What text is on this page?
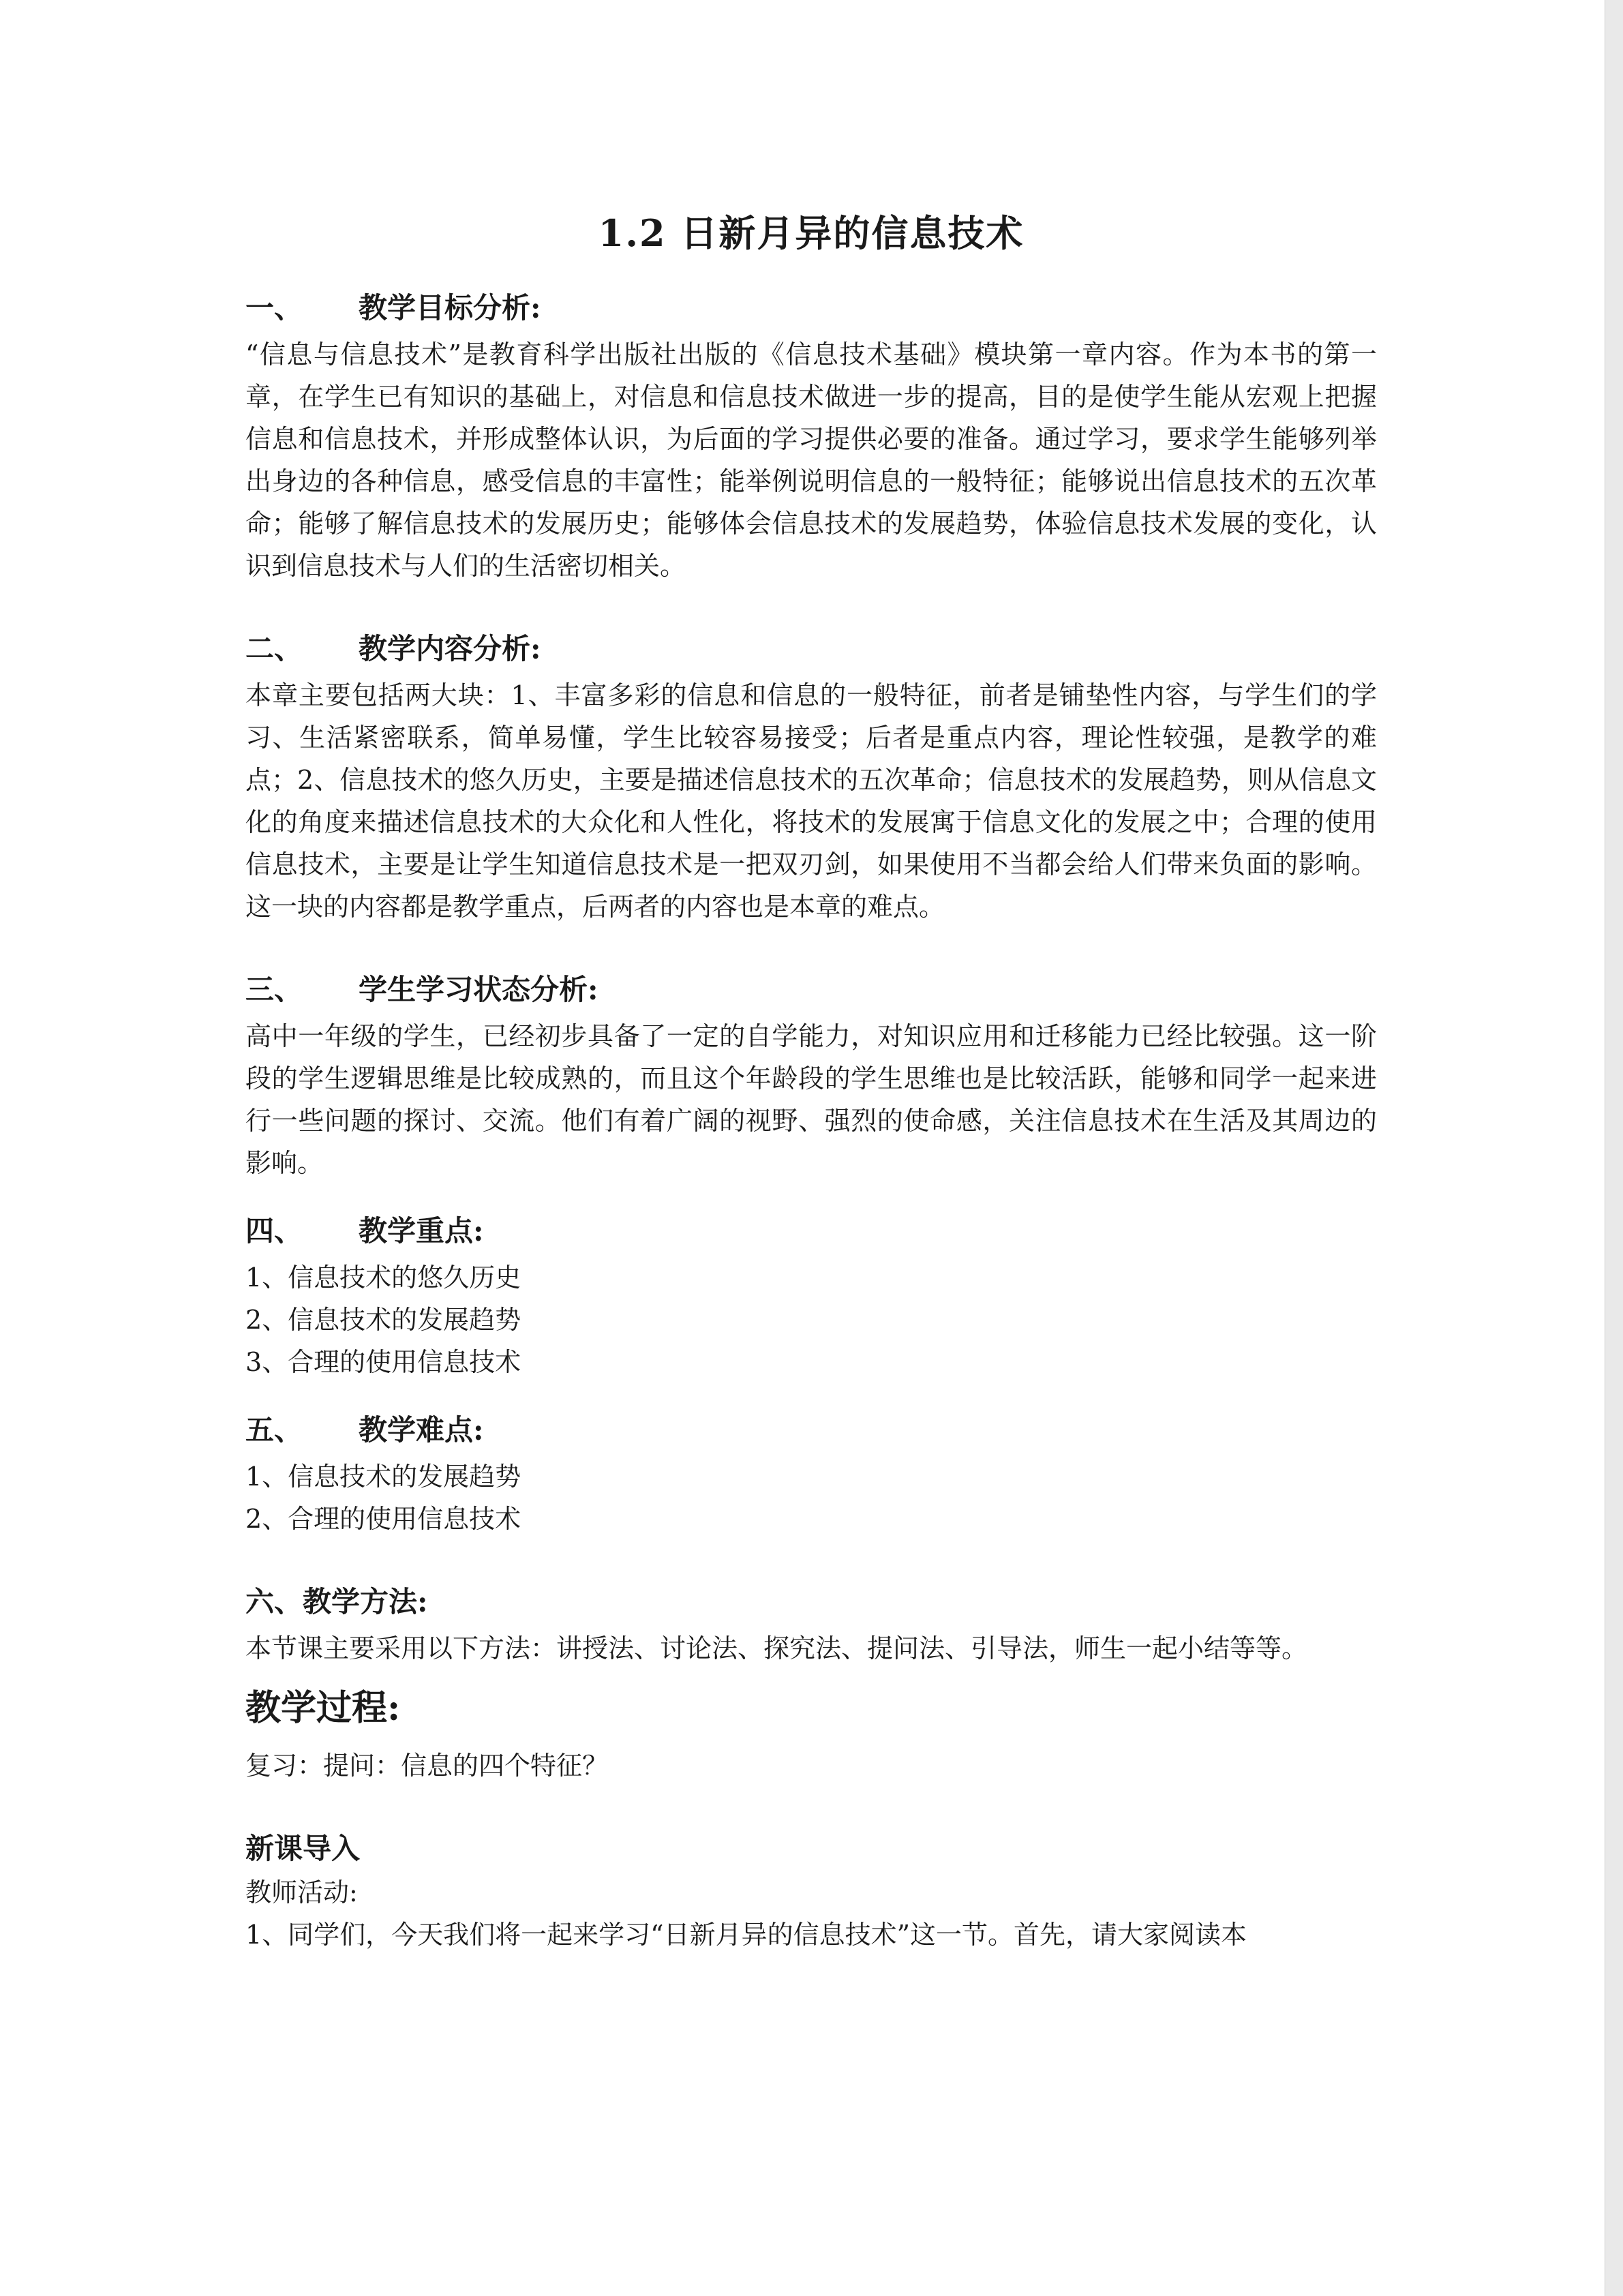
1.2 日新月异的信息技术
一、 教学目标分析:

“信息与信息技术”是教育科学出版社出版的《信息技术基础》模块第一章内容。作为本书的第一章，在学生已有知识的基础上，对信息和信息技术做进一步的提高，目的是使学生能从宏观上把握信息和信息技术，并形成整体认识，为后面的学习提供必要的准备。通过学习，要求学生能够列举出身边的各种信息，感受信息的丰富性；能举例说明信息的一般特征；能够说出信息技术的五次革命；能够了解信息技术的发展历史；能够体会信息技术的发展趋势，体验信息技术发展的变化，认识到信息技术与人们的生活密切相关。

二、 教学内容分析:

本章主要包括两大块：1、丰富多彩的信息和信息的一般特征，前者是铺垫性内容，与学生们的学习、生活紧密联系，简单易懂，学生比较容易接受；后者是重点内容，理论性较强，是教学的难点；2、信息技术的悠久历史，主要是描述信息技术的五次革命；信息技术的发展趋势，则从信息文化的角度来描述信息技术的大众化和人性化，将技术的发展寓于信息文化的发展之中；合理的使用信息技术，主要是让学生知道信息技术是一把双刃剑，如果使用不当都会给人们带来负面的影响。这一块的内容都是教学重点，后两者的内容也是本章的难点。

三、 学生学习状态分析:

高中一年级的学生，已经初步具备了一定的自学能力，对知识应用和迁移能力已经比较强。这一阶段的学生逻辑思维是比较成熟的，而且这个年龄段的学生思维也是比较活跃，能够和同学一起来进行一些问题的探讨、交流。他们有着广阔的视野、强烈的使命感，关注信息技术在生活及其周边的影响。

四、 教学重点:

1、信息技术的悠久历史

2、信息技术的发展趋势

3、合理的使用信息技术

五、 教学难点:

1、信息技术的发展趋势

2、合理的使用信息技术

六、教学方法:

本节课主要采用以下方法：讲授法、讨论法、探究法、提问法、引导法，师生一起小结等等。

教学过程:

复习：提问：信息的四个特征？

新课导入

教师活动:

1、同学们，今天我们将一起来学习“日新月异的信息技术”这一节。首先，请大家阅读本
